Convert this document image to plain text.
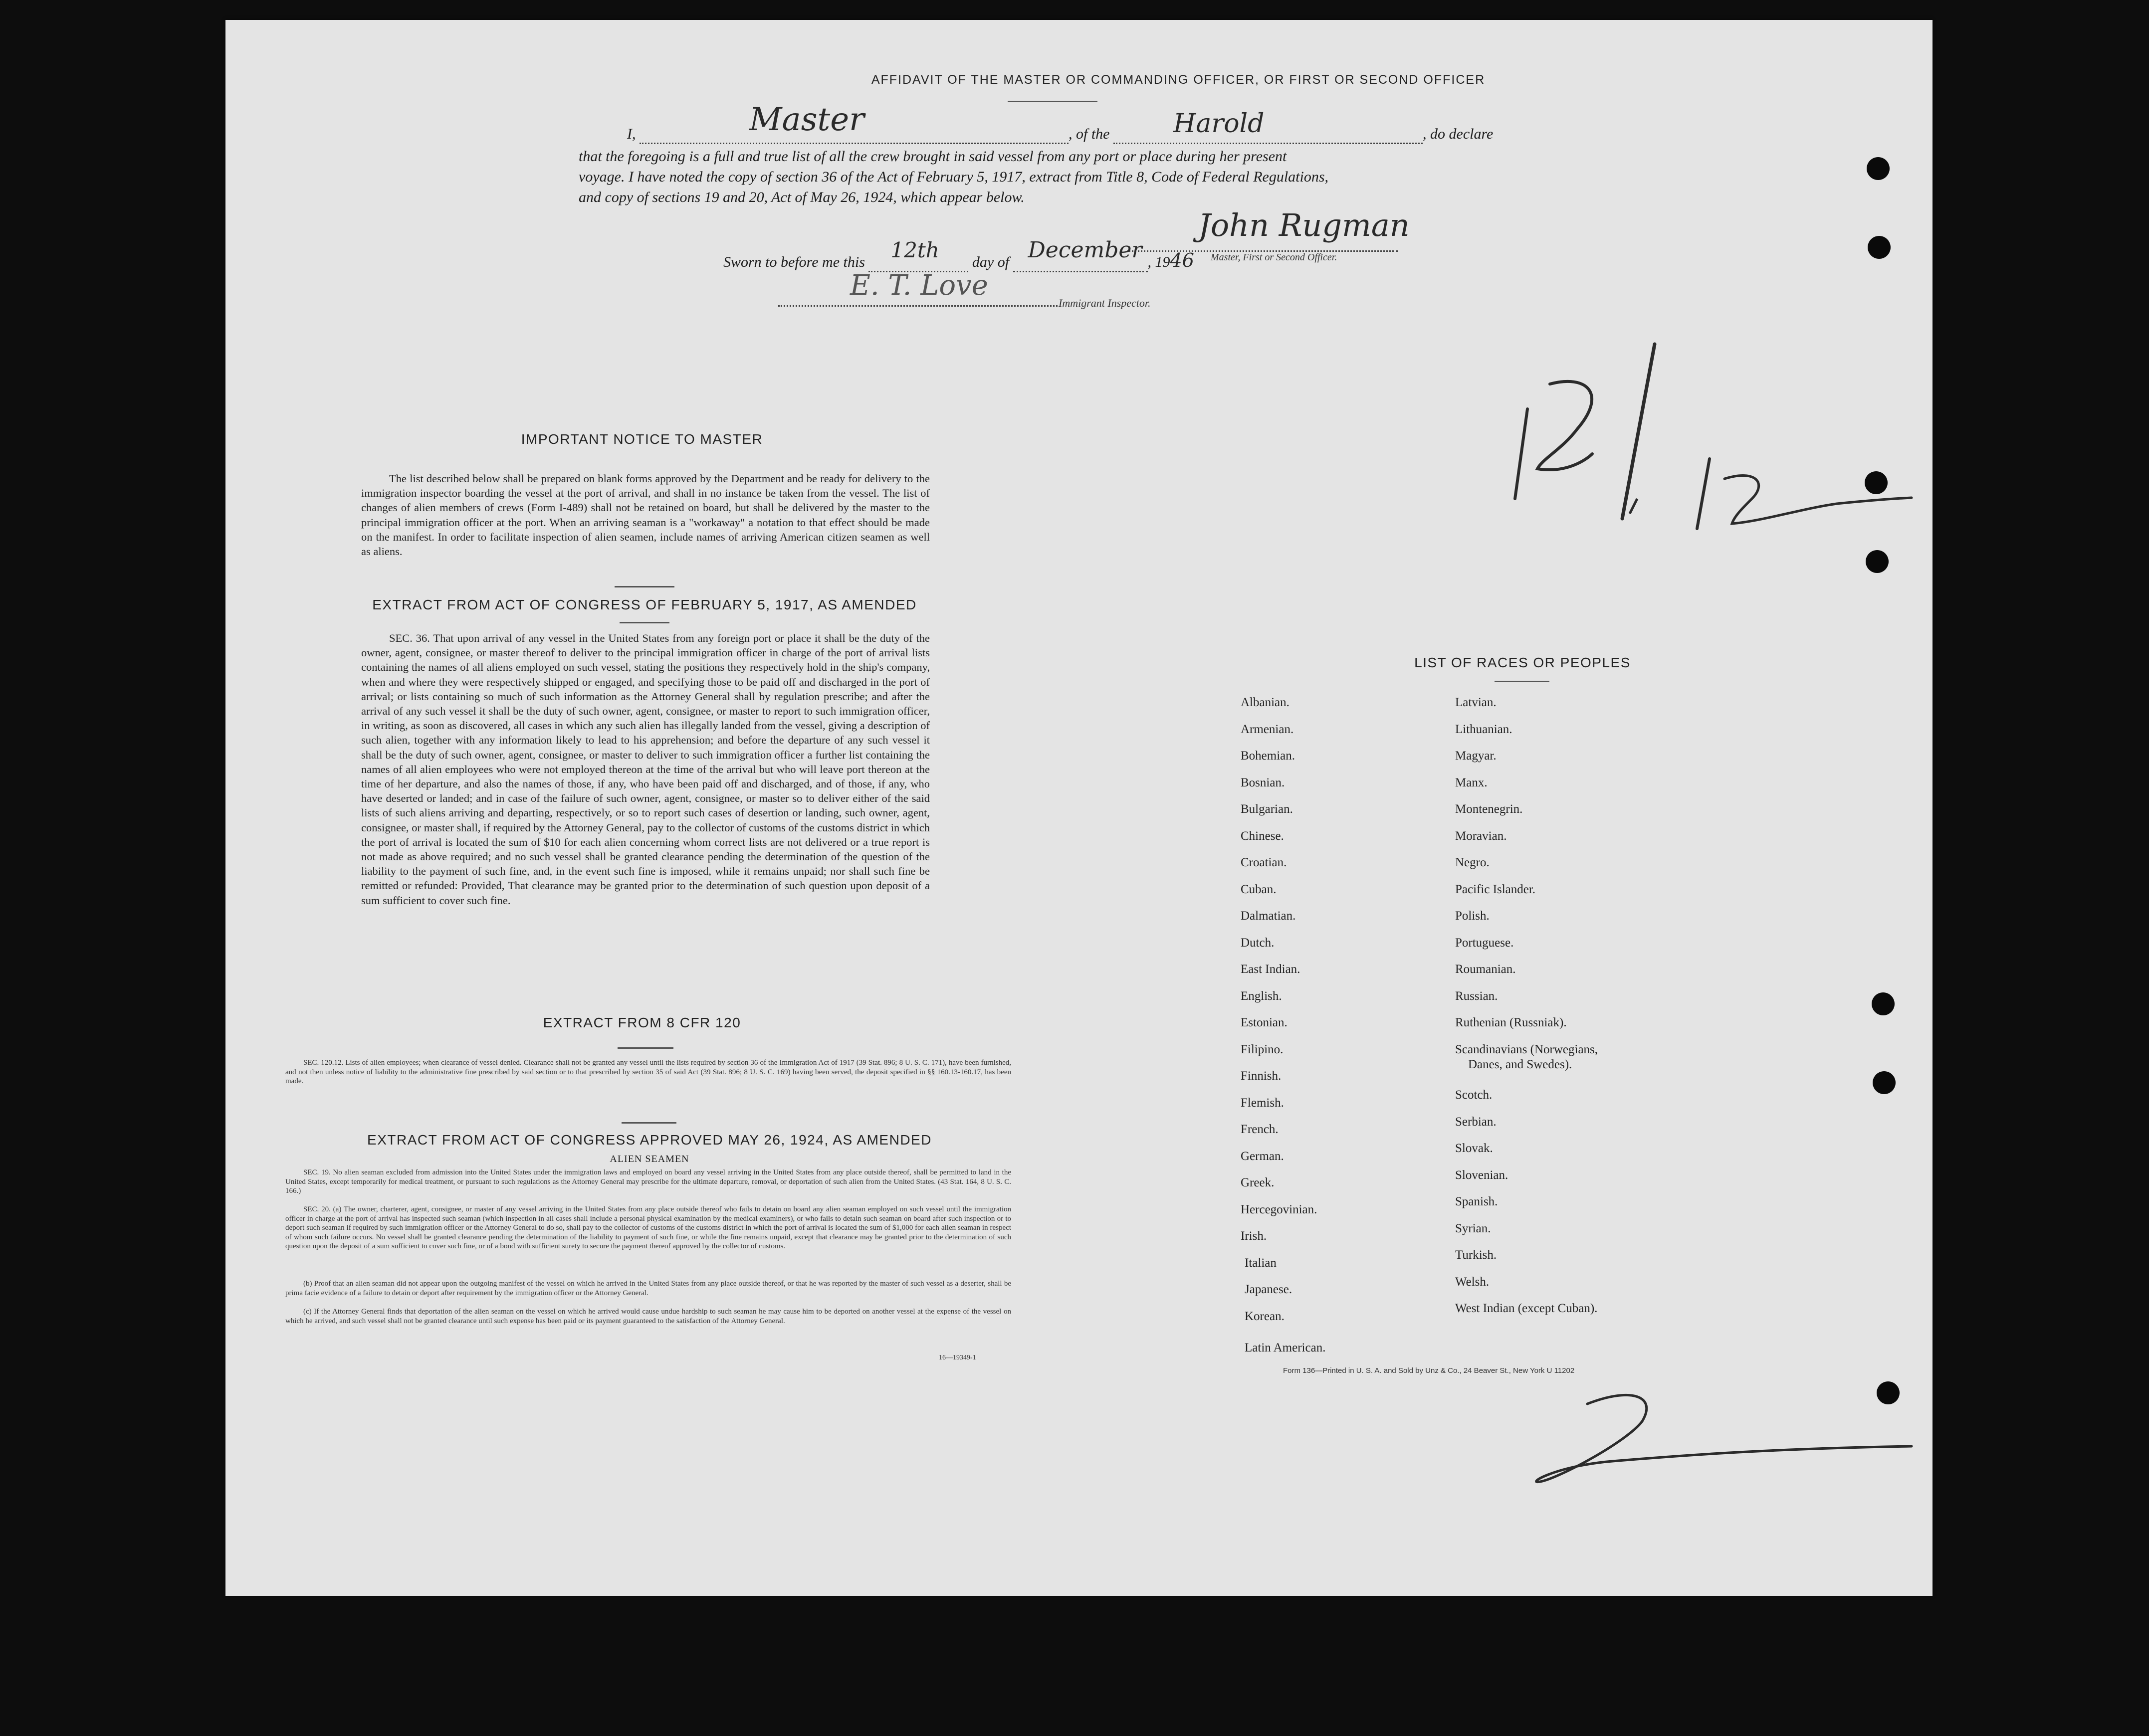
AFFIDAVIT OF THE MASTER OR COMMANDING OFFICER, OR FIRST OR SECOND OFFICER
I,	Master	, of the Harold	, do declare
that the foregoing is a full and true list of all the crew brought in said vessel from any port or place during her present
voyage. I have noted the copy of section 36 of the Act of February 5, 1917, extract from Title 8, Code of Federal Regulations,
and copy of sections 19 and 20, Act of May 26, 1924, which appear below.
John Rugman
Master, First or Second Officer.
Sworn to before me this 12th day of December , 1946
E. T. Love
Immigrant Inspector.
IMPORTANT NOTICE TO MASTER
The list described below shall be prepared on blank forms approved by the Department and be ready for delivery to the immigration inspector boarding the vessel at the port of arrival, and shall in no instance be taken from the vessel. The list of changes of alien members of crews (Form I-489) shall not be retained on board, but shall be delivered by the master to the principal immigration officer at the port. When an arriving seaman is a "workaway" a notation to that effect should be made on the manifest. In order to facilitate inspection of alien seamen, include names of arriving American citizen seamen as well as aliens.
EXTRACT FROM ACT OF CONGRESS OF FEBRUARY 5, 1917, AS AMENDED
SEC. 36. That upon arrival of any vessel in the United States from any foreign port or place it shall be the duty of the owner, agent, consignee, or master thereof to deliver to the principal immigration officer in charge of the port of arrival lists containing the names of all aliens employed on such vessel, stating the positions they respectively hold in the ship's company, when and where they were respectively shipped or engaged, and specifying those to be paid off and discharged in the port of arrival; or lists containing so much of such information as the Attorney General shall by regulation prescribe; and after the arrival of any such vessel it shall be the duty of such owner, agent, consignee, or master to report to such immigration officer, in writing, as soon as discovered, all cases in which any such alien has illegally landed from the vessel, giving a description of such alien, together with any information likely to lead to his apprehension; and before the departure of any such vessel it shall be the duty of such owner, agent, consignee, or master to deliver to such immigration officer a further list containing the names of all alien employees who were not employed thereon at the time of the arrival but who will leave port thereon at the time of her departure, and also the names of those, if any, who have been paid off and discharged, and of those, if any, who have deserted or landed; and in case of the failure of such owner, agent, consignee, or master so to deliver either of the said lists of such aliens arriving and departing, respectively, or so to report such cases of desertion or landing, such owner, agent, consignee, or master shall, if required by the Attorney General, pay to the collector of customs of the customs district in which the port of arrival is located the sum of $10 for each alien concerning whom correct lists are not delivered or a true report is not made as above required; and no such vessel shall be granted clearance pending the determination of the question of the liability to the payment of such fine, and, in the event such fine is imposed, while it remains unpaid; nor shall such fine be remitted or refunded: Provided, That clearance may be granted prior to the determination of such question upon deposit of a sum sufficient to cover such fine.
EXTRACT FROM 8 CFR 120
SEC. 120.12. Lists of alien employees; when clearance of vessel denied. Clearance shall not be granted any vessel until the lists required by section 36 of the Immigration Act of 1917 (39 Stat. 896; 8 U. S. C. 171), have been furnished, and not then unless notice of liability to the administrative fine prescribed by said section or to that prescribed by section 35 of said Act (39 Stat. 896; 8 U. S. C. 169) having been served, the deposit specified in §§ 160.13-160.17, has been made.
EXTRACT FROM ACT OF CONGRESS APPROVED MAY 26, 1924, AS AMENDED
ALIEN SEAMEN
SEC. 19. No alien seaman excluded from admission into the United States under the immigration laws and employed on board any vessel arriving in the United States from any place outside thereof, shall be permitted to land in the United States, except temporarily for medical treatment, or pursuant to such regulations as the Attorney General may prescribe for the ultimate departure, removal, or deportation of such alien from the United States. (43 Stat. 164, 8 U. S. C. 166.)
SEC. 20. (a) The owner, charterer, agent, consignee, or master of any vessel arriving in the United States from any place outside thereof who fails to detain on board any alien seaman employed on such vessel until the immigration officer in charge at the port of arrival has inspected such seaman (which inspection in all cases shall include a personal physical examination by the medical examiners), or who fails to detain such seaman on board after such inspection or to deport such seaman if required by such immigration officer or the Attorney General to do so, shall pay to the collector of customs of the customs district in which the port of arrival is located the sum of $1,000 for each alien seaman in respect of whom such failure occurs. No vessel shall be granted clearance pending the determination of the liability to payment of such fine, or while the fine remains unpaid, except that clearance may be granted prior to the determination of such question upon the deposit of a sum sufficient to cover such fine, or of a bond with sufficient surety to secure the payment thereof approved by the collector of customs.
(b) Proof that an alien seaman did not appear upon the outgoing manifest of the vessel on which he arrived in the United States from any place outside thereof, or that he was reported by the master of such vessel as a deserter, shall be prima facie evidence of a failure to detain or deport after requirement by the immigration officer or the Attorney General.
(c) If the Attorney General finds that deportation of the alien seaman on the vessel on which he arrived would cause undue hardship to such seaman he may cause him to be deported on another vessel at the expense of the vessel on which he arrived, and such vessel shall not be granted clearance until such expense has been paid or its payment guaranteed to the satisfaction of the Attorney General.
16—19349-1
LIST OF RACES OR PEOPLES
Albanian.
Armenian.
Bohemian.
Bosnian.
Bulgarian.
Chinese.
Croatian.
Cuban.
Dalmatian.
Dutch.
East Indian.
English.
Estonian.
Filipino.
Finnish.
Flemish.
French.
German.
Greek.
Hercegovinian.
Irish.
Italian
Japanese.
Korean.
Latin American.
Latvian.
Lithuanian.
Magyar.
Manx.
Montenegrin.
Moravian.
Negro.
Pacific Islander.
Polish.
Portuguese.
Roumanian.
Russian.
Ruthenian (Russniak).
Scandinavians (Norwegians,
Danes, and Swedes).
Scotch.
Serbian.
Slovak.
Slovenian.
Spanish.
Syrian.
Turkish.
Welsh.
West Indian (except Cuban).
Form 136—Printed in U. S. A. and Sold by Unz & Co., 24 Beaver St., New York U 11202
